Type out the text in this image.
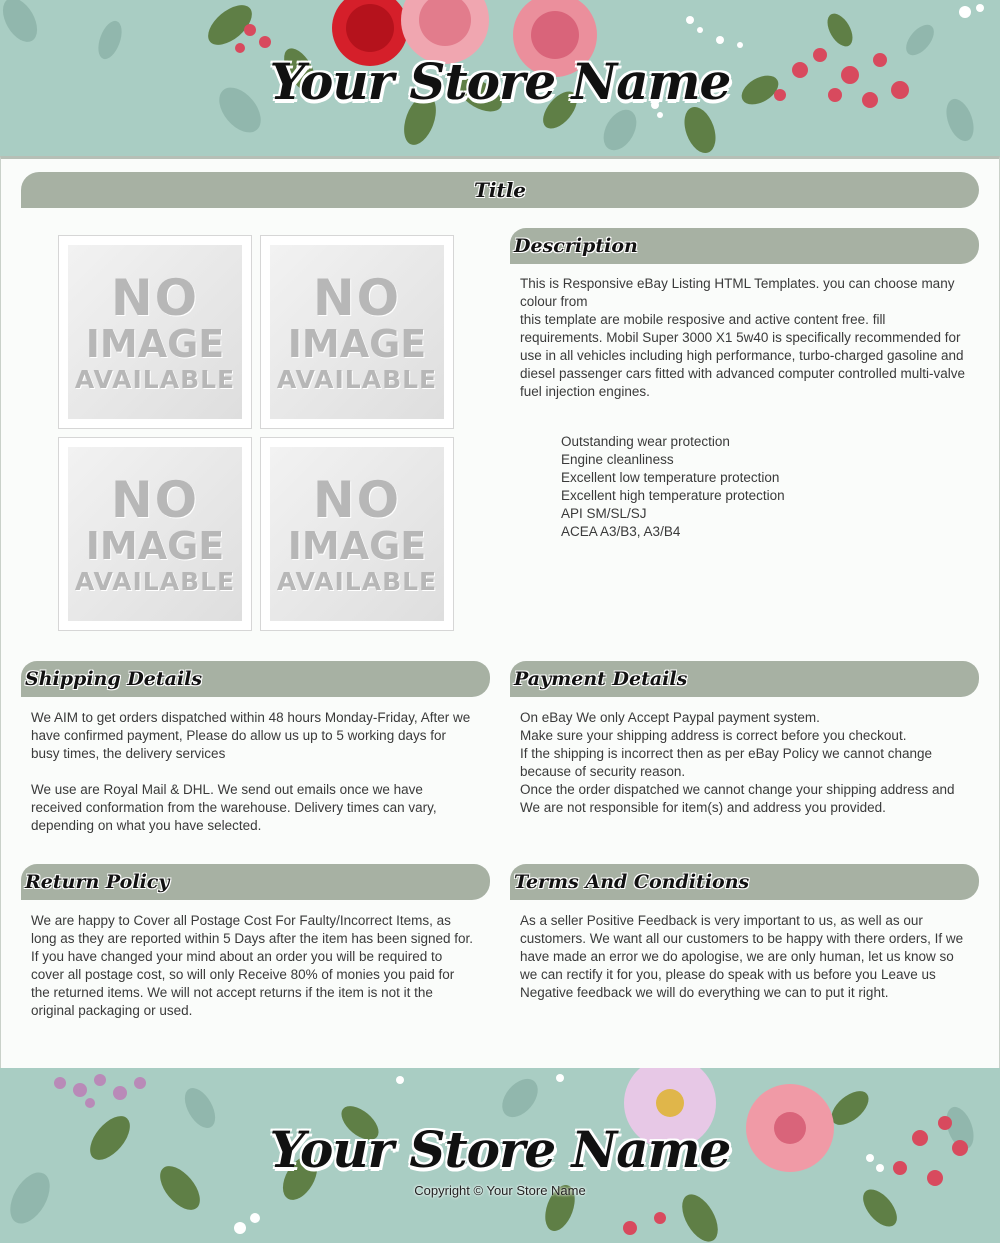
Your Store Name
Title
NO
IMAGE
AVAILABLE
NO
IMAGE
AVAILABLE
NO
IMAGE
AVAILABLE
NO
IMAGE
AVAILABLE
Description

This is Responsive eBay Listing HTML Templates. you can choose many colour from

this template are mobile resposive and active content free. fill requirements. Mobil Super 3000 X1 5w40 is specifically recommended for use in all vehicles including high performance, turbo-charged gasoline and diesel passenger cars fitted with advanced computer controlled multi-valve fuel injection engines.

Outstanding wear protection
Engine cleanliness
Excellent low temperature protection
Excellent high temperature protection
API SM/SL/SJ
ACEA A3/B3, A3/B4
Shipping Details

We AIM to get orders dispatched within 48 hours Monday-Friday, After we have confirmed payment, Please do allow us up to 5 working days for busy times, the delivery services

We use are Royal Mail & DHL. We send out emails once we have received conformation from the warehouse. Delivery times can vary, depending on what you have selected.

Payment Details

On eBay We only Accept Paypal payment system.

Make sure your shipping address is correct before you checkout.

If the shipping is incorrect then as per eBay Policy we cannot change because of security reason.

Once the order dispatched we cannot change your shipping address and We are not responsible for item(s) and address you provided.

Return Policy

We are happy to Cover all Postage Cost For Faulty/Incorrect Items, as long as they are reported within 5 Days after the item has been signed for. If you have changed your mind about an order you will be required to cover all postage cost, so will only Receive 80% of monies you paid for the returned items. We will not accept returns if the item is not it the original packaging or used.

Terms And Conditions

As a seller Positive Feedback is very important to us, as well as our customers. We want all our customers to be happy with there orders, If we have made an error we do apologise, we are only human, let us know so we can rectify it for you, please do speak with us before you Leave us Negative feedback we will do everything we can to put it right.

Your Store Name
Copyright © Your Store Name
